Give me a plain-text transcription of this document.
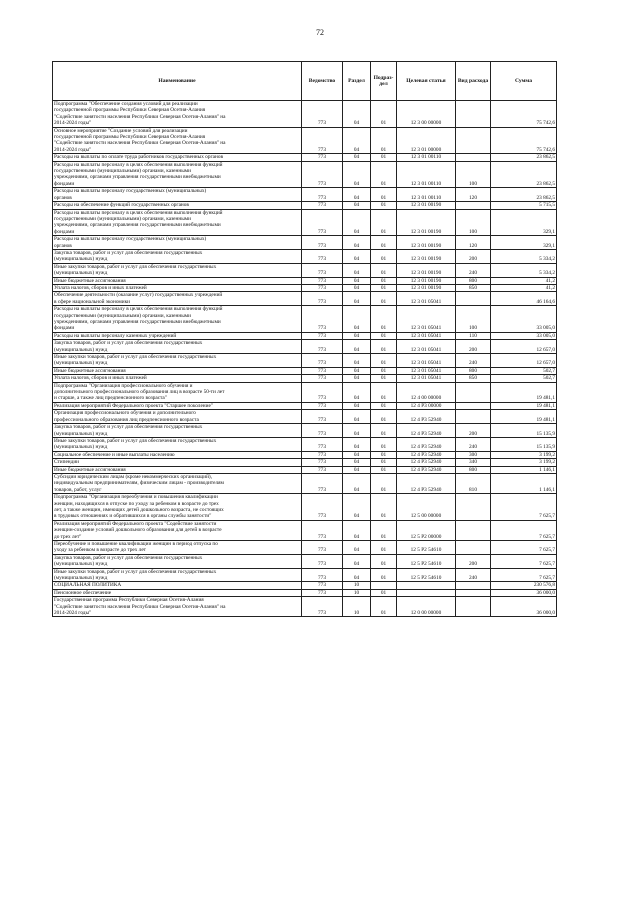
72
Наименование	Ведомство	Раздел	Подраз-дел	Целевая статья	Вид расхода	Сумма
Подпрограмма "Обеспечение создания условий для реализации
государственной программы Республики Северная Осетия-Алания
"Содействие занятости населения Республики Северная Осетия-Алания" на
2014-2024 годы"	773	04	01	12 3 00 00000		75 742,6
Основное мероприятие "Создание условий для реализации
государственной программы Республики Северная Осетия-Алания
"Содействие занятости населения Республики Северная Осетия-Алания" на
2014-2024 годы"	773	04	01	12 3 01 00000		75 742,6
Расходы на выплаты по оплате труда работников государственных органов	773	04	01	12 3 01 00110		23 862,5
Расходы на выплаты персоналу в целях обеспечения выполнения функций
государственными (муниципальными) органами, казенными
учреждениями, органами управления государственными внебюджетными
фондами	773	04	01	12 3 01 00110	100	23 862,5
Расходы на выплаты персоналу государственных (муниципальных)
органов	773	04	01	12 3 01 00110	120	23 862,5
Расходы на обеспечение функций государственных органов	773	04	01	12 3 01 00190		5 715,5
Расходы на выплаты персоналу в целях обеспечения выполнения функций
государственными (муниципальными) органами, казенными
учреждениями, органами управления государственными внебюджетными
фондами	773	04	01	12 3 01 00190	100	329,1
Расходы на выплаты персоналу государственных (муниципальных)
органов	773	04	01	12 3 01 00190	120	329,1
Закупка товаров, работ и услуг для обеспечения государственных
(муниципальных) нужд	773	04	01	12 3 01 00190	200	5 334,2
Иные закупки товаров, работ и услуг для обеспечения государственных
(муниципальных) нужд	773	04	01	12 3 01 00190	240	5 334,2
Иные бюджетные ассигнования	773	04	01	12 3 01 00190	800	41,2
Уплата налогов, сборов и иных платежей	773	04	01	12 3 01 00190	850	41,2
Обеспечение деятельности (оказание услуг) государственных учреждений
в сфере национальной экономики	773	04	01	12 3 01 05041		46 164,6
Расходы на выплаты персоналу в целях обеспечения выполнения функций
государственными (муниципальными) органами, казенными
учреждениями, органами управления государственными внебюджетными
фондами	773	04	01	12 3 01 05041	100	33 005,0
Расходы на выплаты персоналу казенных учреждений	773	04	01	12 3 01 05041	110	33 005,0
Закупка товаров, работ и услуг для обеспечения государственных
(муниципальных) нужд	773	04	01	12 3 01 05041	200	12 657,0
Иные закупки товаров, работ и услуг для обеспечения государственных
(муниципальных) нужд	773	04	01	12 3 01 05041	240	12 657,0
Иные бюджетные ассигнования	773	04	01	12 3 01 05041	800	502,7
Уплата налогов, сборов и иных платежей	773	04	01	12 3 01 05041	850	502,7
Подпрограмма "Организация профессионального обучения и
дополнительного профессионального образования лиц в возрасте 50-ти лет
и старше, а также лиц предпенсионного возраста"	773	04	01	12 4 00 00000		19 481,1
Реализация мероприятий Федерального проекта "Старшее поколение"	773	04	01	12 4 P3 00000		19 481,1
Организация профессионального обучения и дополнительного
профессионального образования лиц предпенсионного возраста	773	04	01	12 4 P3 52940		19 481,1
Закупка товаров, работ и услуг для обеспечения государственных
(муниципальных) нужд	773	04	01	12 4 P3 52940	200	15 135,9
Иные закупки товаров, работ и услуг для обеспечения государственных
(муниципальных) нужд	773	04	01	12 4 P3 52940	240	15 135,9
Социальное обеспечение и иные выплаты населению	773	04	01	12 4 P3 52940	300	3 199,2
Стипендии	773	04	01	12 4 P3 52940	340	3 199,2
Иные бюджетные ассигнования	773	04	01	12 4 P3 52940	800	1 146,1
Субсидии юридическим лицам (кроме некоммерческих организаций),
индивидуальным предпринимателям, физическим лицам - производителям
товаров, работ, услуг	773	04	01	12 4 P3 52940	810	1 146,1
Подпрограмма "Организация переобучения и повышения квалификации
женщин, находящихся в отпуске по уходу за ребенком в возрасте до трех
лет, а также женщин, имеющих детей дошкольного возраста, не состоящих
в трудовых отношениях и обратившихся в органы службы занятости"	773	04	01	12 5 00 00000		7 625,7
Реализация мероприятий Федерального проекта "Содействие занятости
женщин-создание условий дошкольного образования для детей в возрасте
до трех лет"	773	04	01	12 5 P2 00000		7 625,7
Переобучение и повышение квалификации женщин в период отпуска по
уходу за ребенком в возрасте до трех лет	773	04	01	12 5 P2 54610		7 625,7
Закупка товаров, работ и услуг для обеспечения государственных
(муниципальных) нужд	773	04	01	12 5 P2 54610	200	7 625,7
Иные закупки товаров, работ и услуг для обеспечения государственных
(муниципальных) нужд	773	04	01	12 5 P2 54610	240	7 625,7
СОЦИАЛЬНАЯ ПОЛИТИКА	773	10				230 576,8
Пенсионное обеспечение	773	10	01			36 000,0
Государственная программа Республики Северная Осетия-Алания
"Содействие занятости населения Республики Северная Осетия-Алания" на
2014-2024 годы"	773	10	01	12 0 00 00000		36 000,0
